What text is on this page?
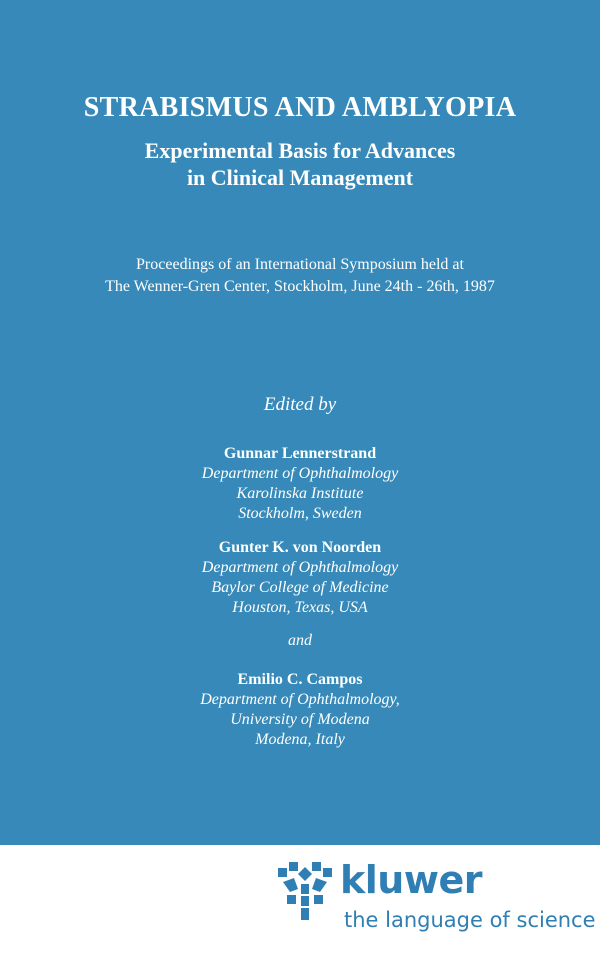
STRABISMUS AND AMBLYOPIA
Experimental Basis for Advances
in Clinical Management
Proceedings of an International Symposium held at
The Wenner-Gren Center, Stockholm, June 24th - 26th, 1987
Edited by
Gunnar Lennerstrand
Department of Ophthalmology
Karolinska Institute
Stockholm, Sweden
Gunter K. von Noorden
Department of Ophthalmology
Baylor College of Medicine
Houston, Texas, USA
and
Emilio C. Campos
Department of Ophthalmology,
University of Modena
Modena, Italy
kluwer
the language of science
